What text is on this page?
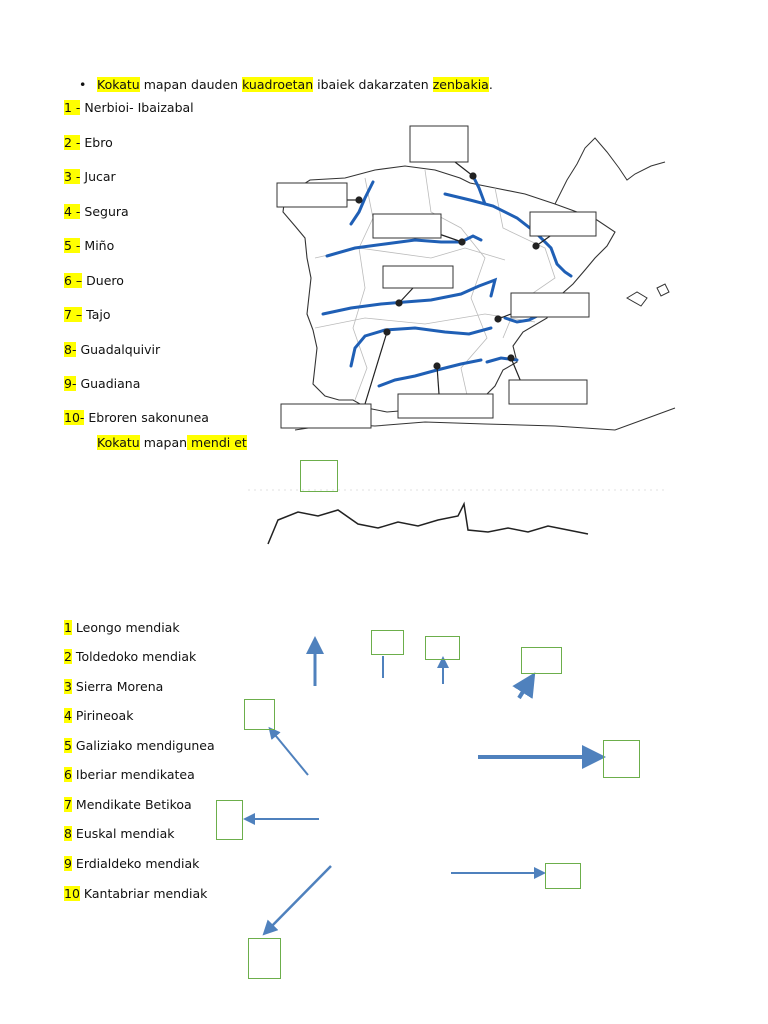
• Kokatu mapan dauden kuadroetan ibaiek dakarzaten zenbakia.
1 - Nerbioi- Ibaizabal
2 - Ebro
3 - Jucar
4 - Segura
5 - Miño
6 – Duero
7 – Tajo
8- Guadalquivir
9- Guadiana
10- Ebroren sakonunea
• Kokatu mapan mendi et
1 Leongo mendiak
2 Toldedoko mendiak
3 Sierra Morena
4 Pirineoak
5 Galiziako mendigunea
6 Iberiar mendikatea
7 Mendikate Betikoa
8 Euskal mendiak
9 Erdialdeko mendiak
10 Kantabriar mendiak
